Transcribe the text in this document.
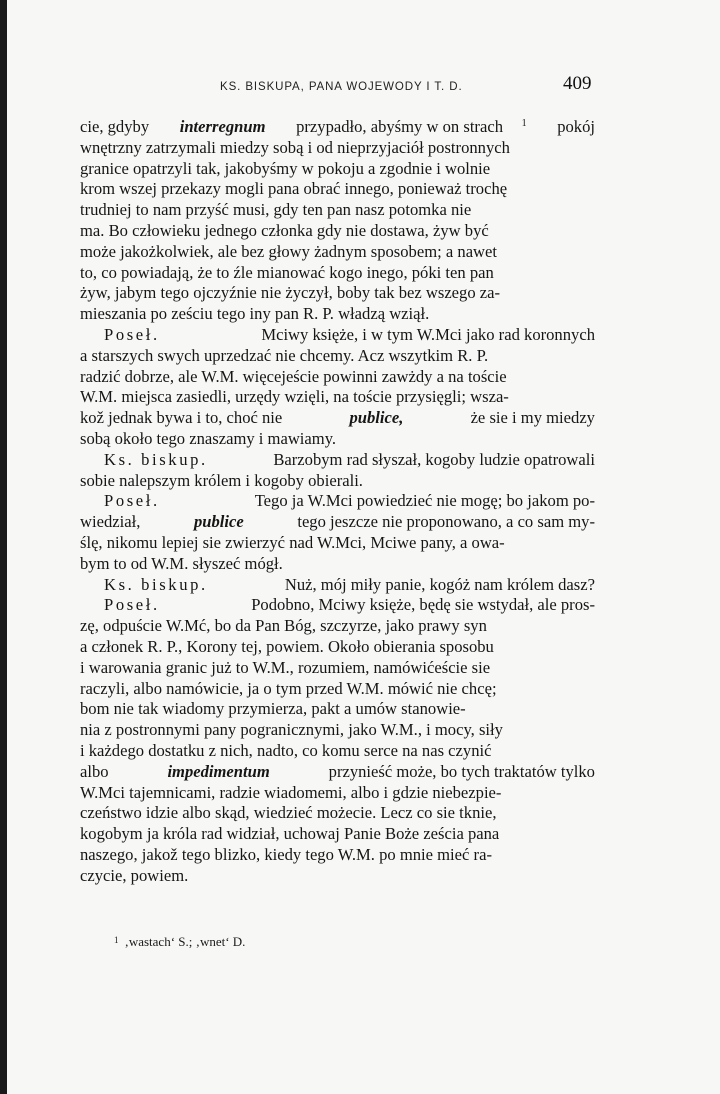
KS. BISKUPA, PANA WOJEWODY I T. D.	409
cie, gdyby interregnum przypadło, abyśmy w on strach 1 pokój
wnętrzny zatrzymali miedzy sobą i od nieprzyjaciół postronnych
granice opatrzyli tak, jakobyśmy w pokoju a zgodnie i wolnie
krom wszej przekazy mogli pana obrać innego, ponieważ trochę
trudniej to nam przyść musi, gdy ten pan nasz potomka nie
ma. Bo człowieku jednego członka gdy nie dostawa, żyw być
może jakożkolwiek, ale bez głowy żadnym sposobem; a nawet
to, co powiadają, że to źle mianować kogo inego, póki ten pan
żyw, jabym tego ojczyźnie nie życzył, boby tak bez wszego za-
mieszania po ześciu tego iny pan R. P. władzą wziął.
Poseł.	Mciwy księże, i w tym W.Mci jako rad koronnych
a starszych swych uprzedzać nie chcemy. Acz wszytkim R. P.
radzić dobrze, ale W.M. więcejeście powinni zawżdy a na toście
W.M. miejsca zasiedli, urzędy wzięli, na toście przysięgli; wsza-
kož jednak bywa i to, choć nie	publice,	że sie i my miedzy
sobą około tego znaszamy i mawiamy.
Ks. biskup.	Barzobym rad słyszał, kogoby ludzie opatrowali
sobie nalepszym królem i kogoby obierali.
Poseł.	Tego ja W.Mci powiedzieć nie mogę; bo jakom po-
wiedział,	publice	tego jeszcze nie proponowano, a co sam my-
ślę, nikomu lepiej sie zwierzyć nad W.Mci, Mciwe pany, a owa-
bym to od W.M. słyszeć mógł.
Ks. biskup.	Nuż, mój miły panie, kogóż nam królem dasz?
Poseł.	Podobno, Mciwy księże, będę sie wstydał, ale pros-
zę, odpuście W.Mć, bo da Pan Bóg, szczyrze, jako prawy syn
a członek R. P., Korony tej, powiem. Około obierania sposobu
i warowania granic już to W.M., rozumiem, namówićeście sie
raczyli, albo namówicie, ja o tym przed W.M. mówić nie chcę;
bom nie tak wiadomy przymierza, pakt a umów stanowie-
nia z postronnymi pany pogranicznymi, jako W.M., i mocy, siły
i każdego dostatku z nich, nadto, co komu serce na nas czynić
albo	impedimentum	przynieść może, bo tych traktatów tylko
W.Mci tajemnicami, radzie wiadomemi, albo i gdzie niebezpie-
czeństwo idzie albo skąd, wiedzieć możecie. Lecz co sie tknie,
kogobym ja króla rad widział, uchowaj Panie Boże ześcia pana
naszego, jakož tego blizko, kiedy tego W.M. po mnie mieć ra-
czycie, powiem.
$^1$ ‚wastach‘ S.; ‚wnet‘ D.
